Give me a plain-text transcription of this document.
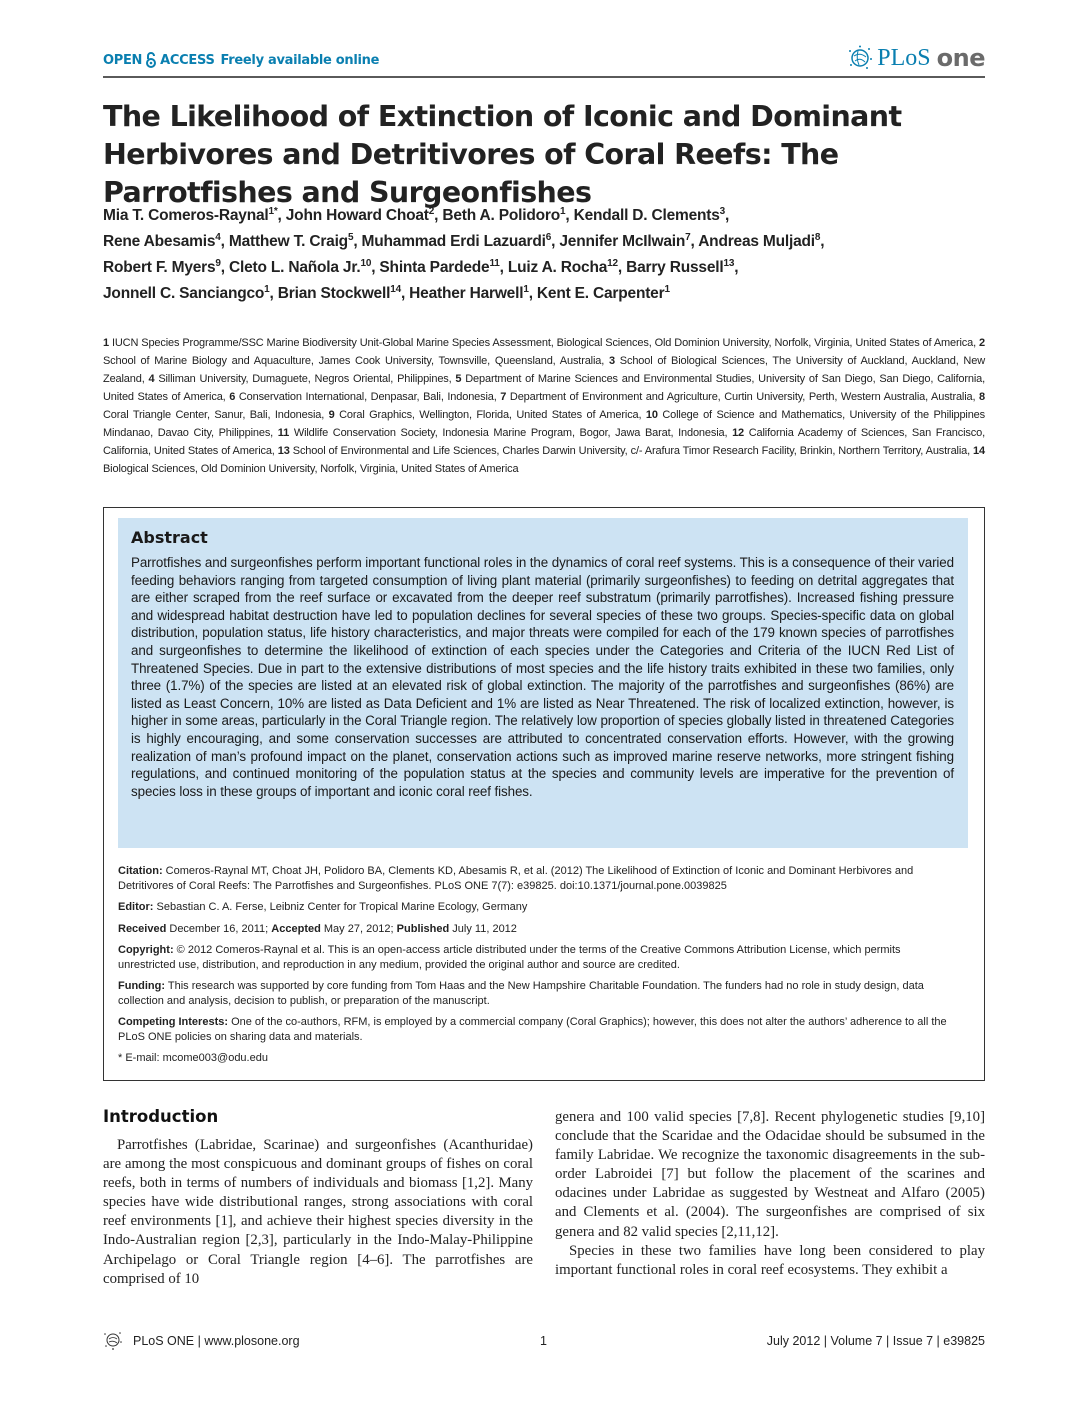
OPEN ACCESS Freely available online	PLoS one
The Likelihood of Extinction of Iconic and Dominant Herbivores and Detritivores of Coral Reefs: The Parrotfishes and Surgeonfishes
Mia T. Comeros-Raynal$^{1*}$, John Howard Choat$^2$, Beth A. Polidoro$^1$, Kendall D. Clements$^3$,
Rene Abesamis$^4$, Matthew T. Craig$^5$, Muhammad Erdi Lazuardi$^6$, Jennifer McIlwain$^7$, Andreas Muljadi$^8$,
Robert F. Myers$^9$, Cleto L. Nañola Jr.$^{10}$, Shinta Pardede$^{11}$, Luiz A. Rocha$^{12}$, Barry Russell$^{13}$,
Jonnell C. Sanciangco$^1$, Brian Stockwell$^{14}$, Heather Harwell$^1$, Kent E. Carpenter$^1$
1 IUCN Species Programme/SSC Marine Biodiversity Unit-Global Marine Species Assessment, Biological Sciences, Old Dominion University, Norfolk, Virginia, United States of America, 2 School of Marine Biology and Aquaculture, James Cook University, Townsville, Queensland, Australia, 3 School of Biological Sciences, The University of Auckland, Auckland, New Zealand, 4 Silliman University, Dumaguete, Negros Oriental, Philippines, 5 Department of Marine Sciences and Environmental Studies, University of San Diego, San Diego, California, United States of America, 6 Conservation International, Denpasar, Bali, Indonesia, 7 Department of Environment and Agriculture, Curtin University, Perth, Western Australia, Australia, 8 Coral Triangle Center, Sanur, Bali, Indonesia, 9 Coral Graphics, Wellington, Florida, United States of America, 10 College of Science and Mathematics, University of the Philippines Mindanao, Davao City, Philippines, 11 Wildlife Conservation Society, Indonesia Marine Program, Bogor, Jawa Barat, Indonesia, 12 California Academy of Sciences, San Francisco, California, United States of America, 13 School of Environmental and Life Sciences, Charles Darwin University, c/- Arafura Timor Research Facility, Brinkin, Northern Territory, Australia, 14 Biological Sciences, Old Dominion University, Norfolk, Virginia, United States of America
Abstract

Parrotfishes and surgeonfishes perform important functional roles in the dynamics of coral reef systems. This is a consequence of their varied feeding behaviors ranging from targeted consumption of living plant material (primarily surgeonfishes) to feeding on detrital aggregates that are either scraped from the reef surface or excavated from the deeper reef substratum (primarily parrotfishes). Increased fishing pressure and widespread habitat destruction have led to population declines for several species of these two groups. Species-specific data on global distribution, population status, life history characteristics, and major threats were compiled for each of the 179 known species of parrotfishes and surgeonfishes to determine the likelihood of extinction of each species under the Categories and Criteria of the IUCN Red List of Threatened Species. Due in part to the extensive distributions of most species and the life history traits exhibited in these two families, only three (1.7%) of the species are listed at an elevated risk of global extinction. The majority of the parrotfishes and surgeonfishes (86%) are listed as Least Concern, 10% are listed as Data Deficient and 1% are listed as Near Threatened. The risk of localized extinction, however, is higher in some areas, particularly in the Coral Triangle region. The relatively low proportion of species globally listed in threatened Categories is highly encouraging, and some conservation successes are attributed to concentrated conservation efforts. However, with the growing realization of man’s profound impact on the planet, conservation actions such as improved marine reserve networks, more stringent fishing regulations, and continued monitoring of the population status at the species and community levels are imperative for the prevention of species loss in these groups of important and iconic coral reef fishes.

Citation: Comeros-Raynal MT, Choat JH, Polidoro BA, Clements KD, Abesamis R, et al. (2012) The Likelihood of Extinction of Iconic and Dominant Herbivores and Detritivores of Coral Reefs: The Parrotfishes and Surgeonfishes. PLoS ONE 7(7): e39825. doi:10.1371/journal.pone.0039825

Editor: Sebastian C. A. Ferse, Leibniz Center for Tropical Marine Ecology, Germany

Received December 16, 2011; Accepted May 27, 2012; Published July 11, 2012

Copyright: © 2012 Comeros-Raynal et al. This is an open-access article distributed under the terms of the Creative Commons Attribution License, which permits unrestricted use, distribution, and reproduction in any medium, provided the original author and source are credited.

Funding: This research was supported by core funding from Tom Haas and the New Hampshire Charitable Foundation. The funders had no role in study design, data collection and analysis, decision to publish, or preparation of the manuscript.

Competing Interests: One of the co-authors, RFM, is employed by a commercial company (Coral Graphics); however, this does not alter the authors’ adherence to all the PLoS ONE policies on sharing data and materials.

* E-mail: mcome003@odu.edu

Introduction

Parrotfishes (Labridae, Scarinae) and surgeonfishes (Acanthuridae) are among the most conspicuous and dominant groups of fishes on coral reefs, both in terms of numbers of individuals and biomass [1,2]. Many species have wide distributional ranges, strong associations with coral reef environments [1], and achieve their highest species diversity in the Indo-Australian region [2,3], particularly in the Indo-Malay-Philippine Archipelago or Coral Triangle region [4–6]. The parrotfishes are comprised of 10

genera and 100 valid species [7,8]. Recent phylogenetic studies [9,10] conclude that the Scaridae and the Odacidae should be subsumed in the family Labridae. We recognize the taxonomic disagreements in the sub-order Labroidei [7] but follow the placement of the scarines and odacines under Labridae as suggested by Westneat and Alfaro (2005) and Clements et al. (2004). The surgeonfishes are comprised of six genera and 82 valid species [2,11,12].

Species in these two families have long been considered to play important functional roles in coral reef ecosystems. They exhibit a

PLoS ONE | www.plosone.org	1	July 2012 | Volume 7 | Issue 7 | e39825
